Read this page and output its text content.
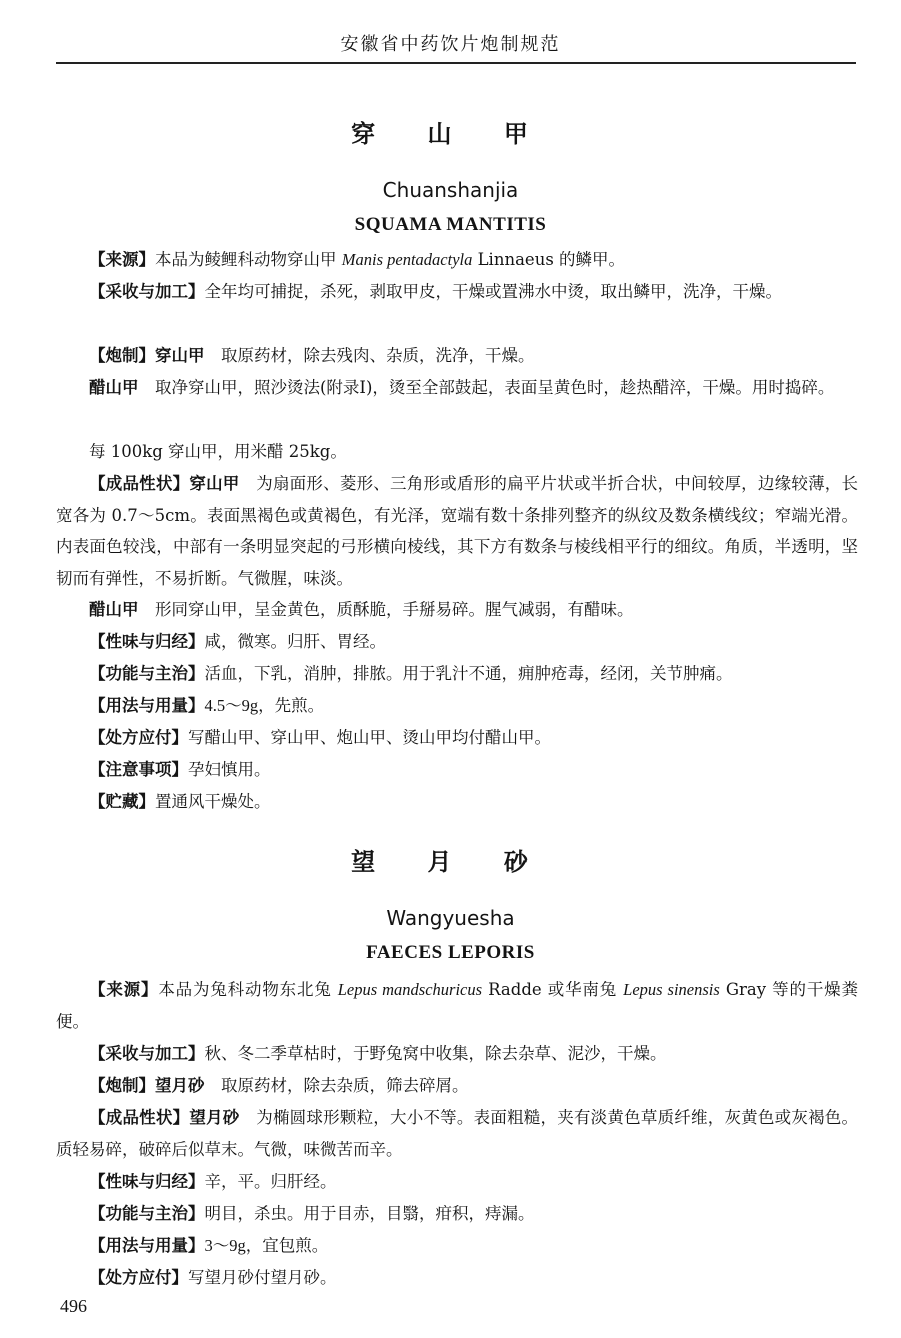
安徽省中药饮片炮制规范
穿 山 甲
Chuanshanjia
SQUAMA MANTITIS
【来源】本品为鲮鲤科动物穿山甲 Manis pentadactyla Linnaeus 的鳞甲。
【采收与加工】全年均可捕捉，杀死，剥取甲皮，干燥或置沸水中烫，取出鳞甲，洗净，干燥。
【炮制】穿山甲　取原药材，除去残肉、杂质，洗净，干燥。
醋山甲　取净穿山甲，照沙烫法(附录Ⅰ)，烫至全部鼓起，表面呈黄色时，趁热醋淬，干燥。用时捣碎。
每 100kg 穿山甲，用米醋 25kg。
【成品性状】穿山甲　为扇面形、菱形、三角形或盾形的扁平片状或半折合状，中间较厚，边缘较薄，长宽各为 0.7～5cm。表面黑褐色或黄褐色，有光泽，宽端有数十条排列整齐的纵纹及数条横线纹；窄端光滑。内表面色较浅，中部有一条明显突起的弓形横向棱线，其下方有数条与棱线相平行的细纹。角质，半透明，坚韧而有弹性，不易折断。气微腥，味淡。
醋山甲　形同穿山甲，呈金黄色，质酥脆，手掰易碎。腥气减弱，有醋味。
【性味与归经】咸，微寒。归肝、胃经。
【功能与主治】活血，下乳，消肿，排脓。用于乳汁不通，痈肿疮毒，经闭，关节肿痛。
【用法与用量】4.5～9g，先煎。
【处方应付】写醋山甲、穿山甲、炮山甲、烫山甲均付醋山甲。
【注意事项】孕妇慎用。
【贮藏】置通风干燥处。
望 月 砂
Wangyuesha
FAECES LEPORIS
【来源】本品为兔科动物东北兔 Lepus mandschuricus Radde 或华南兔 Lepus sinensis Gray 等的干燥粪便。
【采收与加工】秋、冬二季草枯时，于野兔窝中收集，除去杂草、泥沙，干燥。
【炮制】望月砂　取原药材，除去杂质，筛去碎屑。
【成品性状】望月砂　为椭圆球形颗粒，大小不等。表面粗糙，夹有淡黄色草质纤维，灰黄色或灰褐色。质轻易碎，破碎后似草末。气微，味微苦而辛。
【性味与归经】辛，平。归肝经。
【功能与主治】明目，杀虫。用于目赤，目翳，疳积，痔漏。
【用法与用量】3～9g，宜包煎。
【处方应付】写望月砂付望月砂。
496
